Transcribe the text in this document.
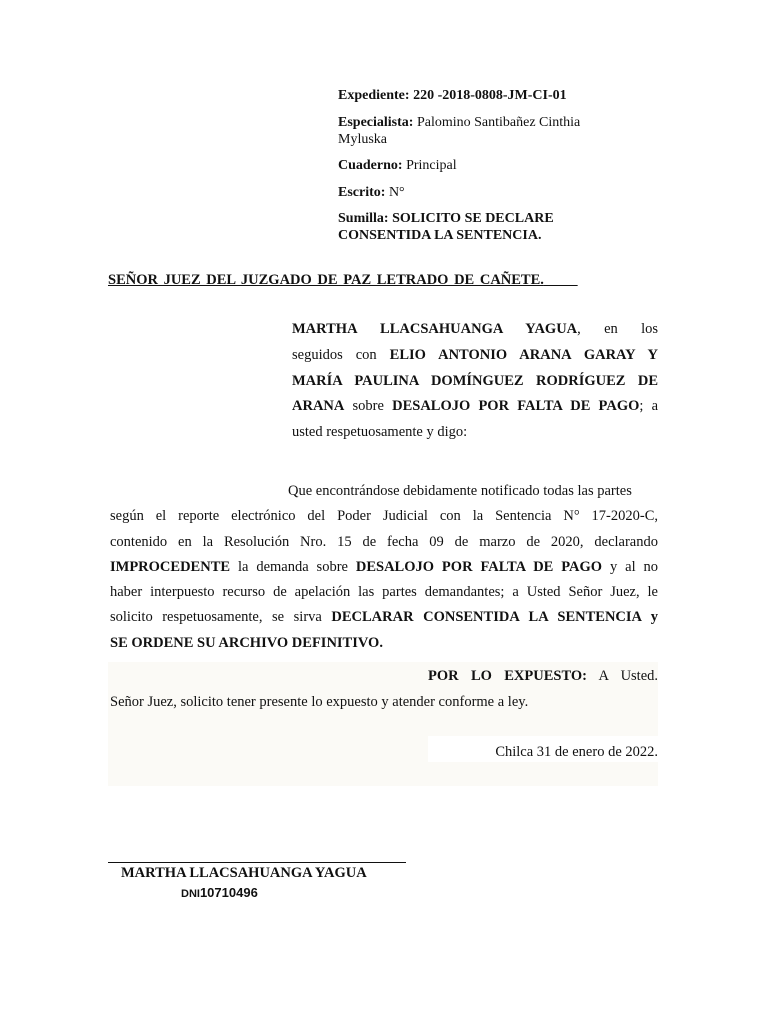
Expediente: 220 -2018-0808-JM-CI-01
Especialista: Palomino Santibañez Cinthia
Myluska
Cuaderno: Principal
Escrito: N°
Sumilla: SOLICITO SE DECLARE
CONSENTIDA LA SENTENCIA.
SEÑOR JUEZ DEL JUZGADO DE PAZ LETRADO DE CAÑETE.
MARTHA LLACSAHUANGA YAGUA, en los
seguidos con ELIO ANTONIO ARANA GARAY Y
MARÍA PAULINA DOMÍNGUEZ RODRÍGUEZ DE
ARANA sobre DESALOJO POR FALTA DE PAGO; a
usted respetuosamente y digo:
Que encontrándose debidamente notificado todas las partes
según el reporte electrónico del Poder Judicial con la Sentencia N° 17-2020-C,
contenido en la Resolución Nro. 15 de fecha 09 de marzo de 2020, declarando
IMPROCEDENTE la demanda sobre DESALOJO POR FALTA DE PAGO y al no
haber interpuesto recurso de apelación las partes demandantes; a Usted Señor Juez, le
solicito respetuosamente, se sirva DECLARAR CONSENTIDA LA SENTENCIA y
SE ORDENE SU ARCHIVO DEFINITIVO.
POR LO EXPUESTO: A Usted.
Señor Juez, solicito tener presente lo expuesto y atender conforme a ley.
Chilca 31 de enero de 2022.
MARTHA LLACSAHUANGA YAGUA
DNI10710496
